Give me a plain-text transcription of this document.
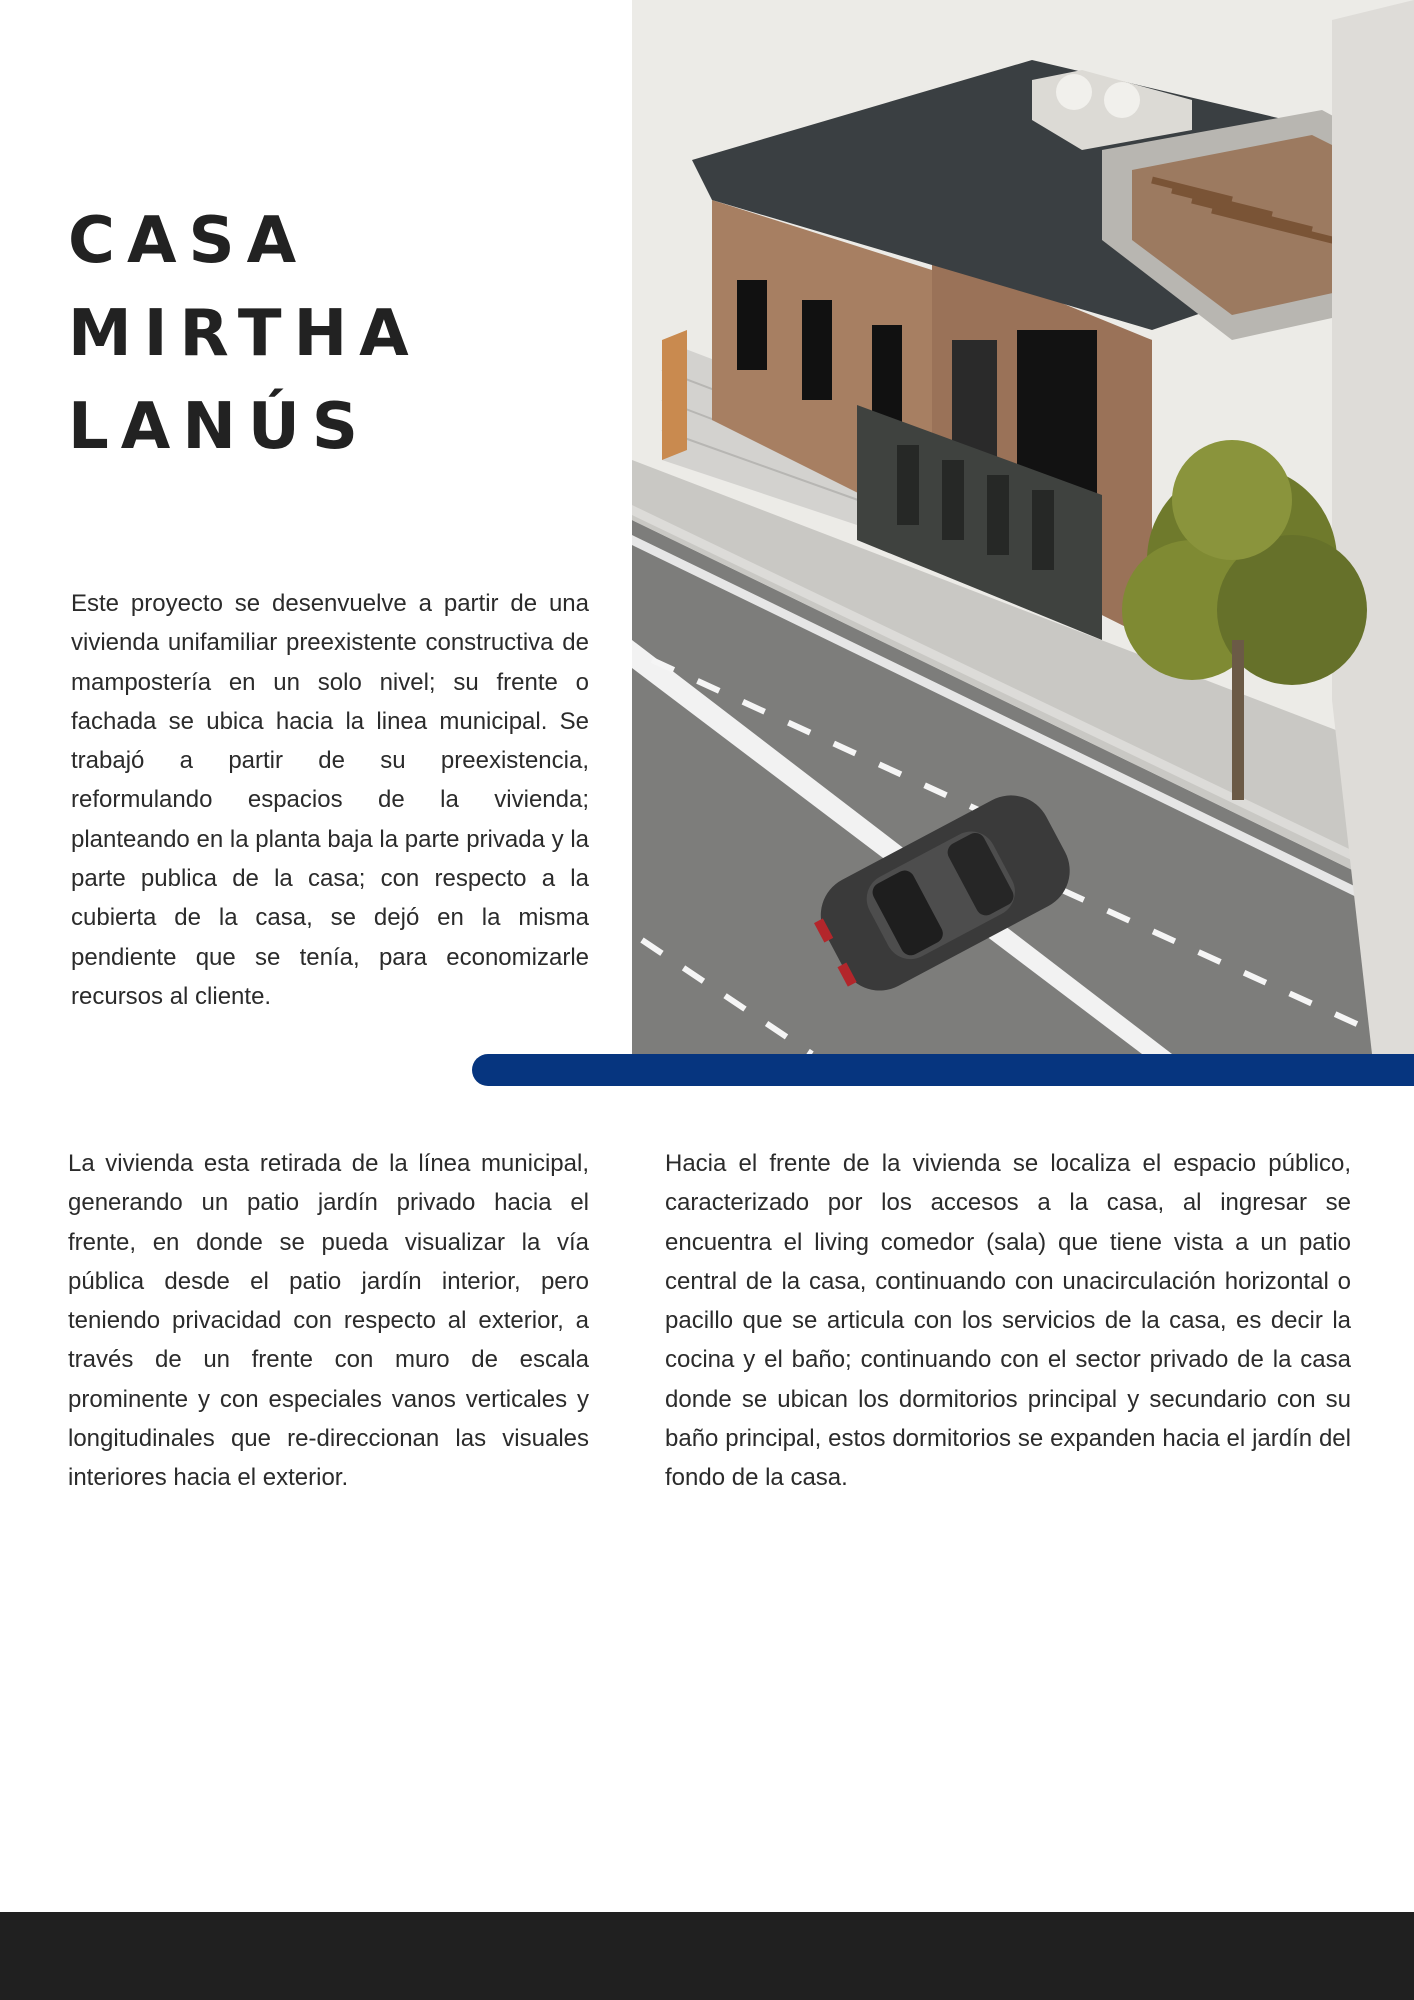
CASA
MIRTHA
LANÚS

Este proyecto se desenvuelve a partir de una vivienda unifamiliar preexistente constructiva de mampostería en un solo nivel; su frente o fachada se ubica hacia la linea municipal. Se trabajó a partir de su preexistencia, reformulando espacios de la vivienda; planteando en la planta baja la parte privada y la parte publica de la casa; con respecto a la cubierta de la casa, se dejó en la misma pendiente que se tenía, para economizarle recursos al cliente.

La vivienda esta retirada de la línea municipal, generando un patio jardín privado hacia el frente, en donde se pueda visualizar la vía pública desde el patio jardín interior, pero teniendo privacidad con respecto al exterior, a través de un frente con muro de escala prominente y con especiales vanos verticales y longitudinales que re-direccionan las visuales interiores hacia el exterior.

Hacia el frente de la vivienda se localiza el espacio público, caracterizado por los accesos a la casa, al ingresar se encuentra el living comedor (sala) que tiene vista a un patio central de la casa, continuando con unacirculación horizontal o pacillo que se articula con los servicios de la casa, es decir la cocina y el baño; continuando con el sector privado de la casa donde se ubican los dormitorios principal y secundario con su baño principal, estos dormitorios se expanden hacia el jardín del fondo de la casa.
